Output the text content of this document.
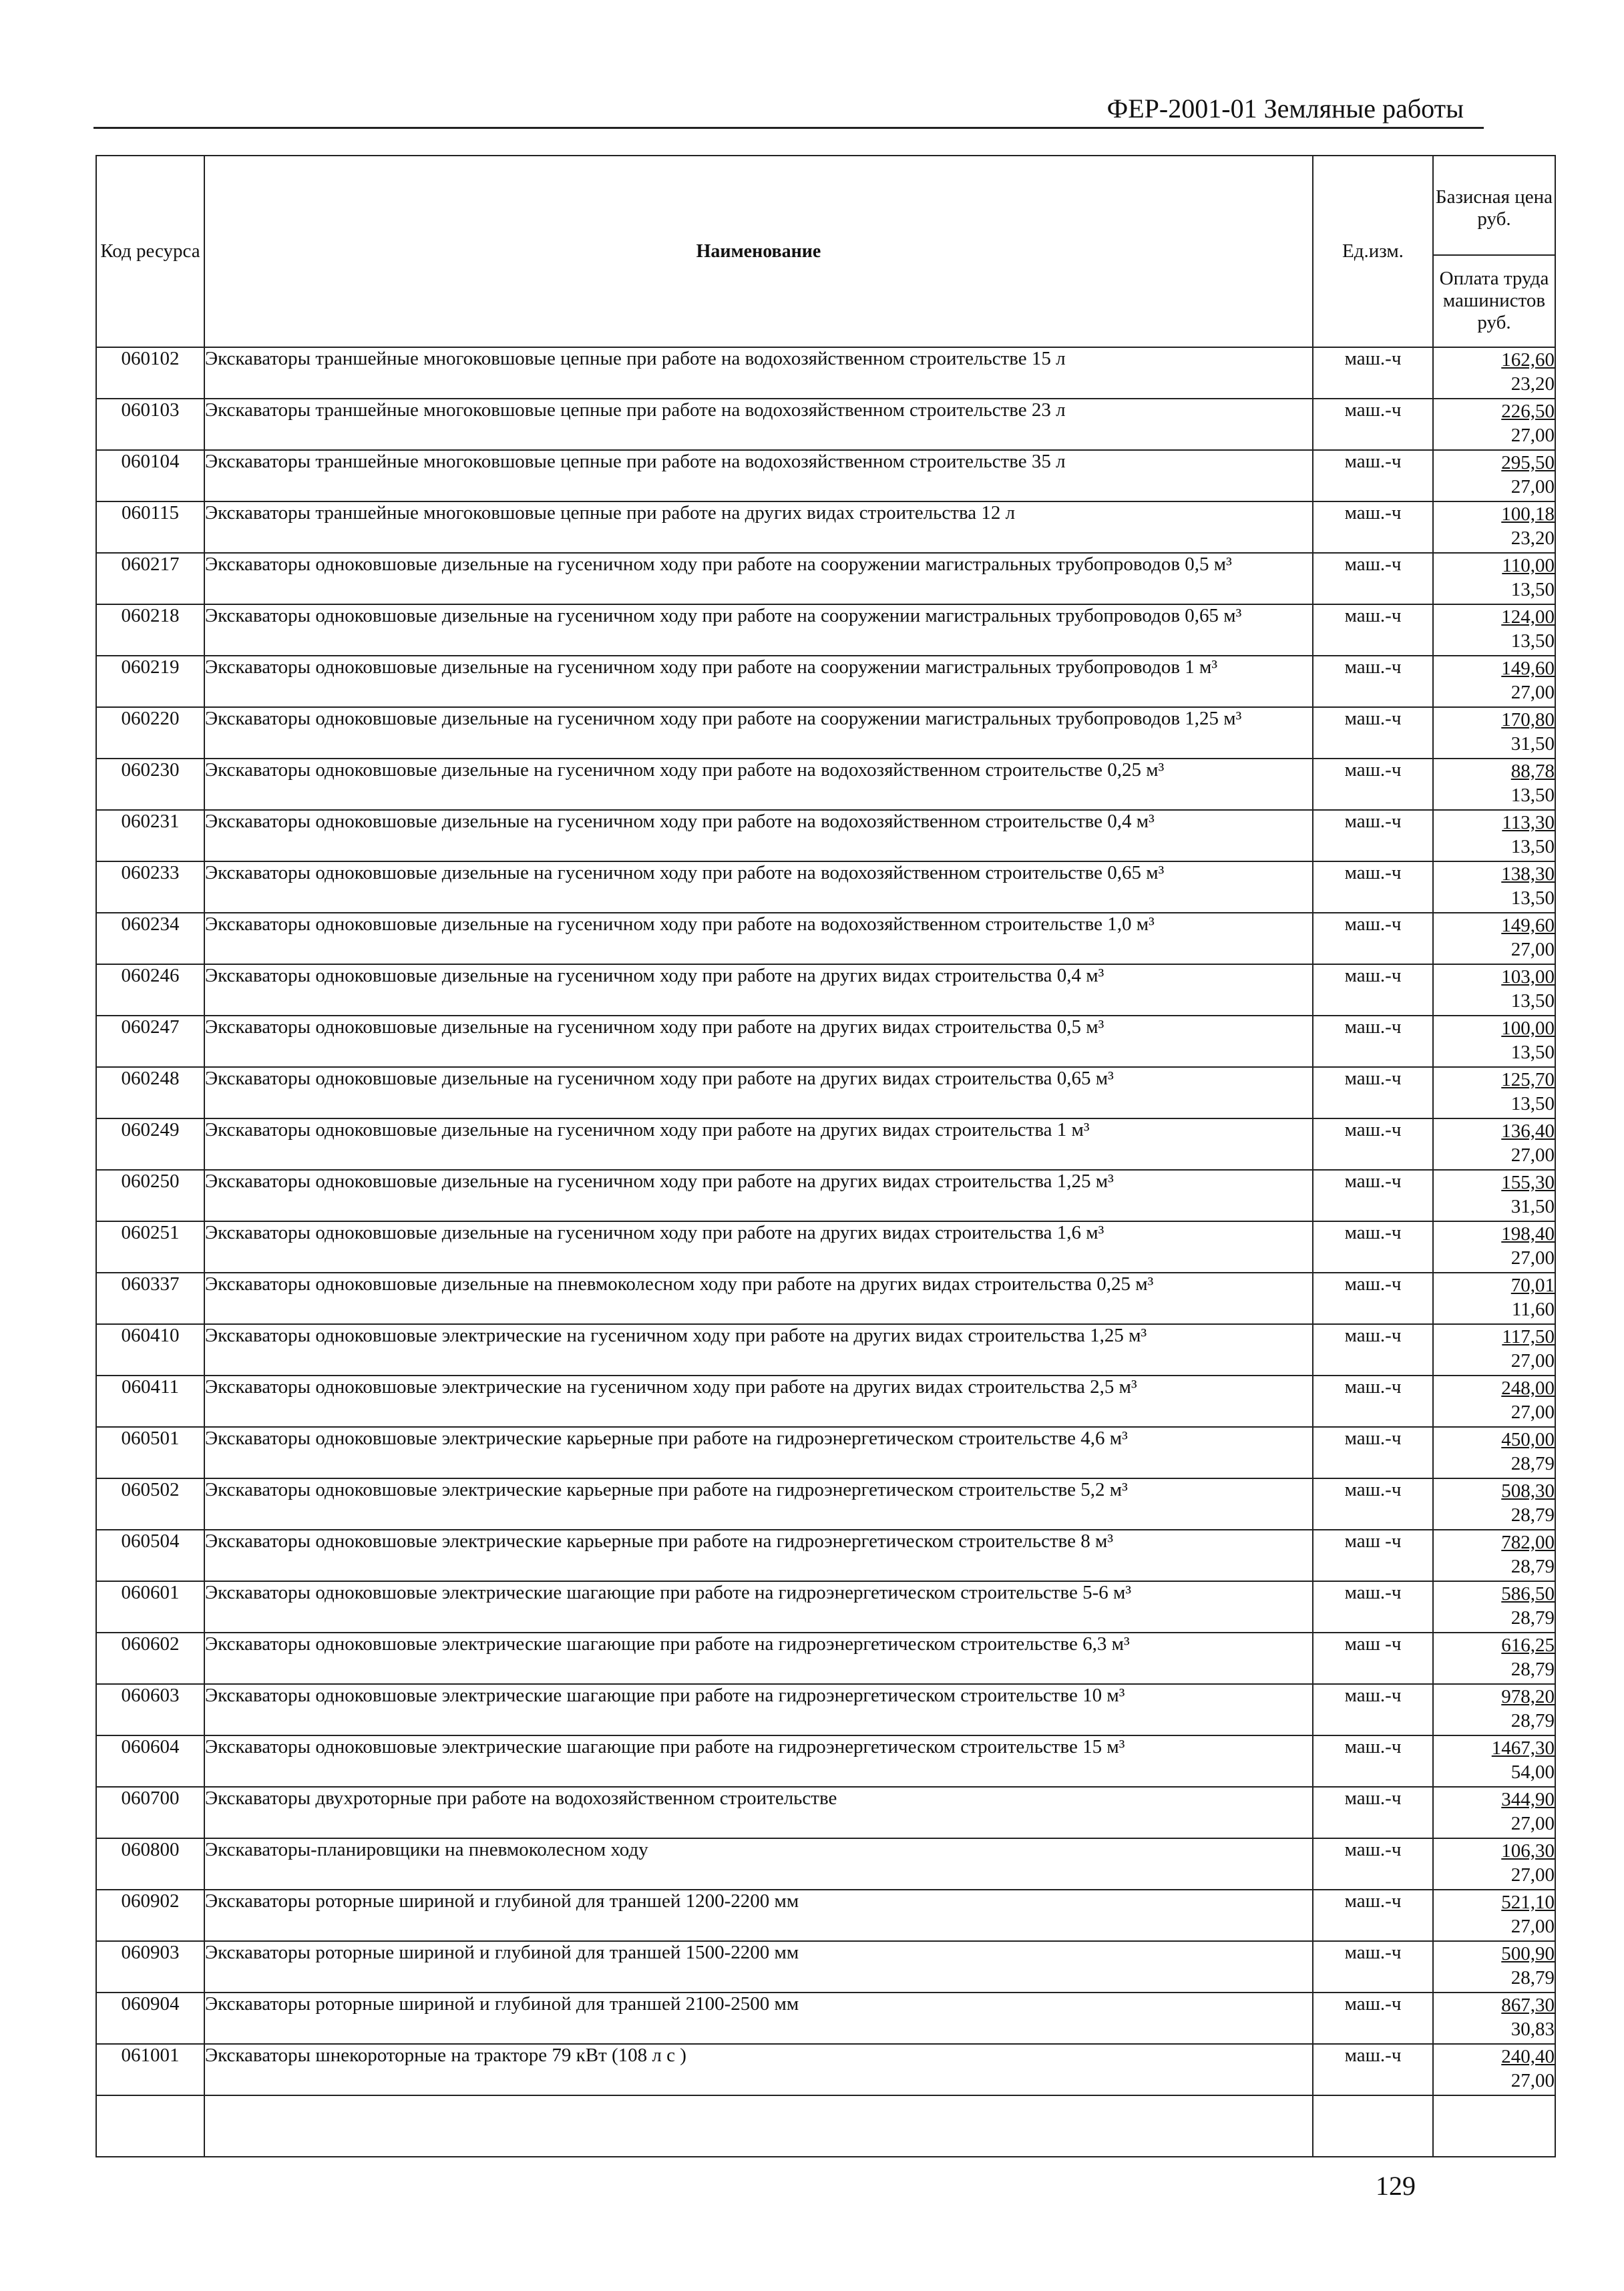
ФЕР-2001-01 Земляные работы
Код ресурса	Наименование	Ед.изм.	Базисная цена руб.
Оплата труда машинистов руб.

060102	Экскаваторы траншейные многоковшовые цепные при работе на водохозяйственном строительстве 15 л	маш.-ч	162,60
23,20

060103	Экскаваторы траншейные многоковшовые цепные при работе на водохозяйственном строительстве 23 л	маш.-ч	226,50
27,00

060104	Экскаваторы траншейные многоковшовые цепные при работе на водохозяйственном строительстве 35 л	маш.-ч	295,50
27,00

060115	Экскаваторы траншейные многоковшовые цепные при работе на других видах строительства 12 л	маш.-ч	100,18
23,20

060217	Экскаваторы одноковшовые дизельные на гусеничном ходу при работе на сооружении магистральных трубопроводов 0,5 м³	маш.-ч	110,00
13,50

060218	Экскаваторы одноковшовые дизельные на гусеничном ходу при работе на сооружении магистральных трубопроводов 0,65 м³	маш.-ч	124,00
13,50

060219	Экскаваторы одноковшовые дизельные на гусеничном ходу при работе на сооружении магистральных трубопроводов 1 м³	маш.-ч	149,60
27,00

060220	Экскаваторы одноковшовые дизельные на гусеничном ходу при работе на сооружении магистральных трубопроводов 1,25 м³	маш.-ч	170,80
31,50

060230	Экскаваторы одноковшовые дизельные на гусеничном ходу при работе на водохозяйственном строительстве 0,25 м³	маш.-ч	88,78
13,50

060231	Экскаваторы одноковшовые дизельные на гусеничном ходу при работе на водохозяйственном строительстве 0,4 м³	маш.-ч	113,30
13,50

060233	Экскаваторы одноковшовые дизельные на гусеничном ходу при работе на водохозяйственном строительстве 0,65 м³	маш.-ч	138,30
13,50

060234	Экскаваторы одноковшовые дизельные на гусеничном ходу при работе на водохозяйственном строительстве 1,0 м³	маш.-ч	149,60
27,00

060246	Экскаваторы одноковшовые дизельные на гусеничном ходу при работе на других видах строительства 0,4 м³	маш.-ч	103,00
13,50

060247	Экскаваторы одноковшовые дизельные на гусеничном ходу при работе на других видах строительства 0,5 м³	маш.-ч	100,00
13,50

060248	Экскаваторы одноковшовые дизельные на гусеничном ходу при работе на других видах строительства 0,65 м³	маш.-ч	125,70
13,50

060249	Экскаваторы одноковшовые дизельные на гусеничном ходу при работе на других видах строительства 1 м³	маш.-ч	136,40
27,00

060250	Экскаваторы одноковшовые дизельные на гусеничном ходу при работе на других видах строительства 1,25 м³	маш.-ч	155,30
31,50

060251	Экскаваторы одноковшовые дизельные на гусеничном ходу при работе на других видах строительства 1,6 м³	маш.-ч	198,40
27,00

060337	Экскаваторы одноковшовые дизельные на пневмоколесном ходу при работе на других видах строительства 0,25 м³	маш.-ч	70,01
11,60

060410	Экскаваторы одноковшовые электрические на гусеничном ходу при работе на других видах строительства 1,25 м³	маш.-ч	117,50
27,00

060411	Экскаваторы одноковшовые электрические на гусеничном ходу при работе на других видах строительства 2,5 м³	маш.-ч	248,00
27,00

060501	Экскаваторы одноковшовые электрические карьерные при работе на гидроэнергетическом строительстве 4,6 м³	маш.-ч	450,00
28,79

060502	Экскаваторы одноковшовые электрические карьерные при работе на гидроэнергетическом строительстве 5,2 м³	маш.-ч	508,30
28,79

060504	Экскаваторы одноковшовые электрические карьерные при работе на гидроэнергетическом строительстве 8 м³	маш -ч	782,00
28,79

060601	Экскаваторы одноковшовые электрические шагающие при работе на гидроэнергетическом строительстве 5-6 м³	маш.-ч	586,50
28,79

060602	Экскаваторы одноковшовые электрические шагающие при работе на гидроэнергетическом строительстве 6,3 м³	маш -ч	616,25
28,79

060603	Экскаваторы одноковшовые электрические шагающие при работе на гидроэнергетическом строительстве 10 м³	маш.-ч	978,20
28,79

060604	Экскаваторы одноковшовые электрические шагающие при работе на гидроэнергетическом строительстве 15 м³	маш.-ч	1467,30
54,00

060700	Экскаваторы двухроторные при работе на водохозяйственном строительстве	маш.-ч	344,90
27,00

060800	Экскаваторы-планировщики на пневмоколесном ходу	маш.-ч	106,30
27,00

060902	Экскаваторы роторные шириной и глубиной для траншей 1200-2200 мм	маш.-ч	521,10
27,00

060903	Экскаваторы роторные шириной и глубиной для траншей 1500-2200 мм	маш.-ч	500,90
28,79

060904	Экскаваторы роторные шириной и глубиной для траншей 2100-2500 мм	маш.-ч	867,30
30,83

061001	Экскаваторы шнекороторные на тракторе 79 кВт (108 л с )	маш.-ч	240,40
27,00

129
